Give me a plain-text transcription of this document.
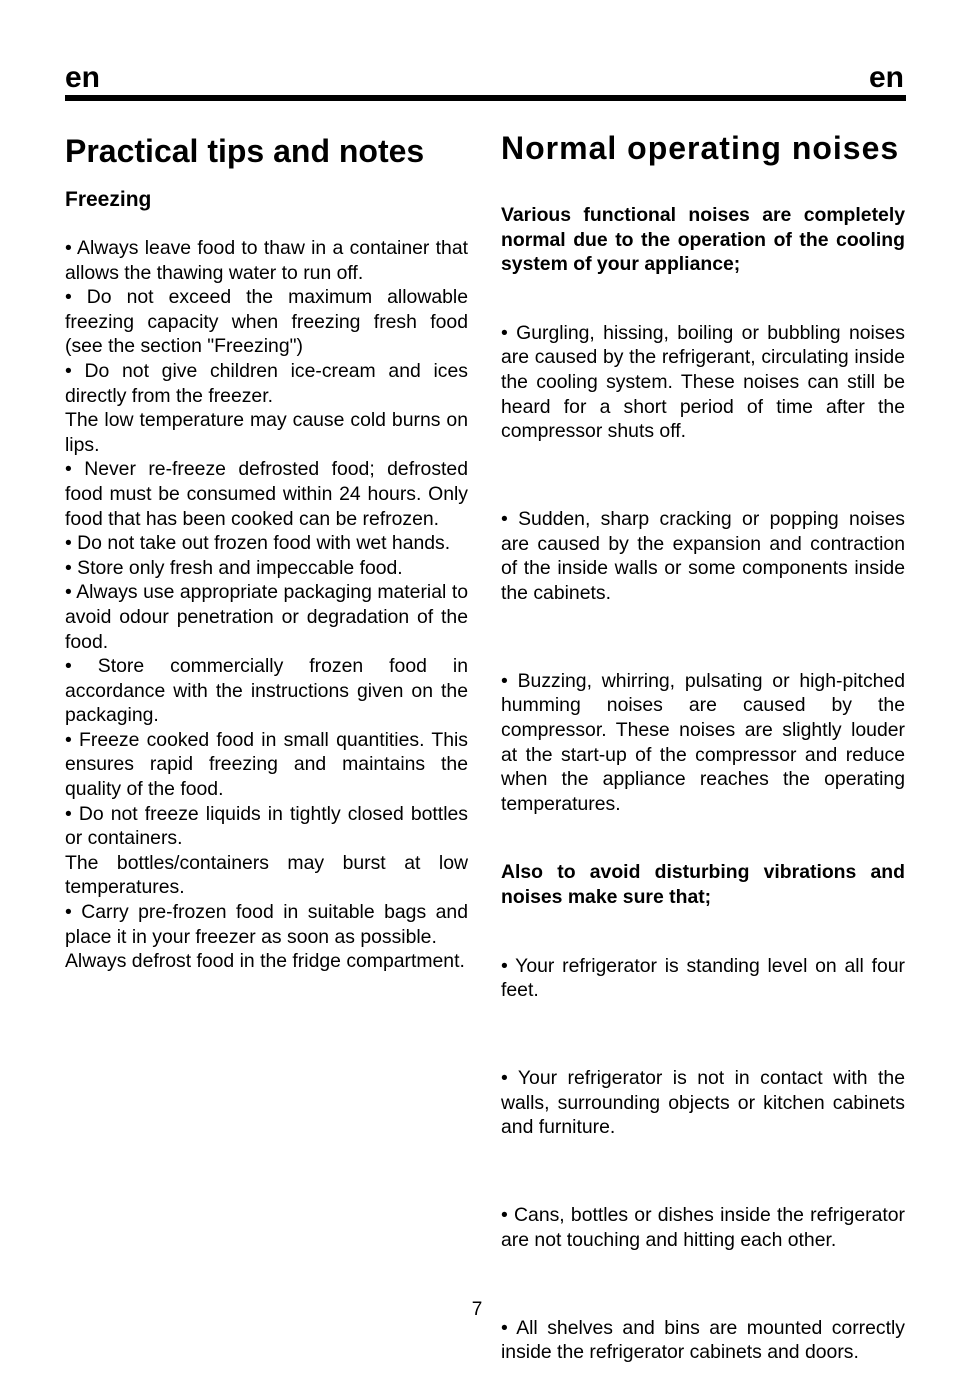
en	en
Practical tips and notes
Freezing

• Always leave food to thaw in a container that allows the thawing water to run off.

• Do not exceed the maximum allowable freezing capacity when freezing fresh food (see the section "Freezing")

• Do not give children ice-cream and ices directly from the freezer.

The low temperature may cause cold burns on lips.

• Never re-freeze defrosted food; defrosted food must be consumed within 24 hours. Only food that has been cooked can be refrozen.

• Do not take out frozen food with wet hands.

• Store only fresh and impeccable food.

• Always use appropriate packaging material to avoid odour penetration or degradation of the food.

• Store commercially frozen food in accordance with the instructions given on the packaging.

• Freeze cooked food in small quantities. This ensures rapid freezing and maintains the quality of the food.

• Do not freeze liquids in tightly closed bottles or containers.

The bottles/containers may burst at low temperatures.

• Carry pre-frozen food in suitable bags and place it in your freezer as soon as possible.

Always defrost food in the fridge compartment.

Normal operating noises

Various functional noises are completely normal due to the operation of the cooling system of your appliance;

• Gurgling, hissing, boiling or bubbling noises are caused by the refrigerant, circulating inside the cooling system. These noises can still be heard for a short period of time after the compressor shuts off.

• Sudden, sharp cracking or popping noises are caused by the expansion and contraction of the inside walls or some components inside the cabinets.

• Buzzing, whirring, pulsating or high-pitched humming noises are caused by the compressor. These noises are slightly louder at the start-up of the compressor and reduce when the appliance reaches the operating temperatures.

Also to avoid disturbing vibrations and noises make sure that;

• Your refrigerator is standing level on all four feet.

• Your refrigerator is not in contact with the walls, surrounding objects or kitchen cabinets and furniture.

• Cans, bottles or dishes inside the refrigerator are not touching and hitting each other.

• All shelves and bins are mounted correctly inside the refrigerator cabinets and doors.

7
